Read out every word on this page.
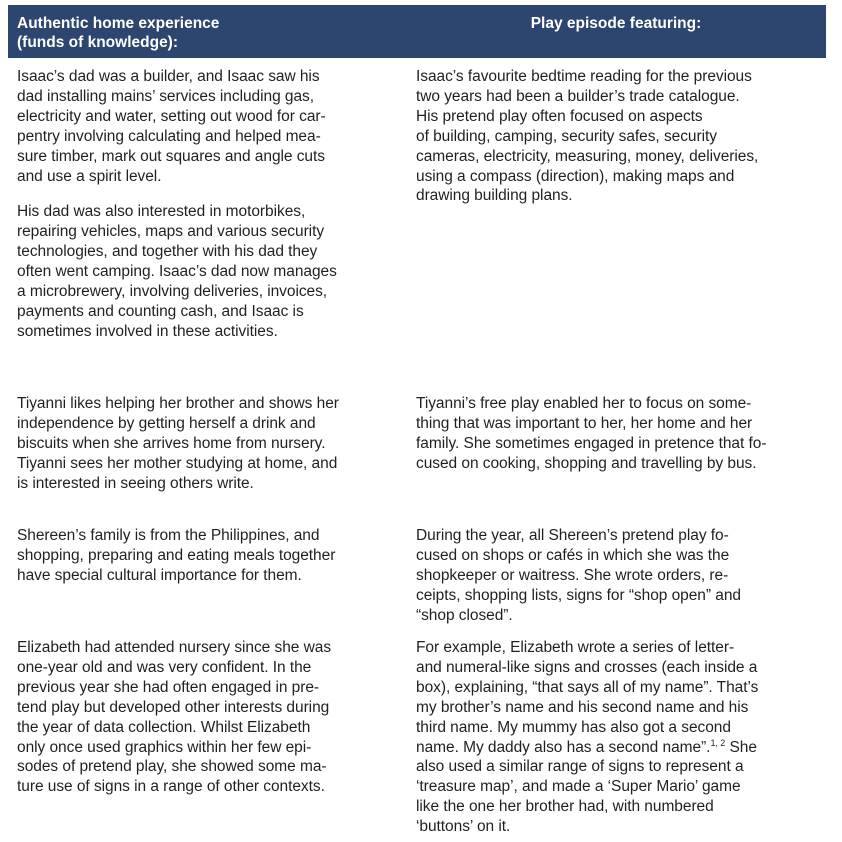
Authentic home experience
(funds of knowledge):
Play episode featuring:
Isaac’s dad was a builder, and Isaac saw his
dad installing mains’ services including gas,
electricity and water, setting out wood for car-
pentry involving calculating and helped mea-
sure timber, mark out squares and angle cuts
and use a spirit level.
His dad was also interested in motorbikes,
repairing vehicles, maps and various security
technologies, and together with his dad they
often went camping. Isaac’s dad now manages
a microbrewery, involving deliveries, invoices,
payments and counting cash, and Isaac is
sometimes involved in these activities.
Isaac’s favourite bedtime reading for the previous
two years had been a builder’s trade catalogue.
His pretend play often focused on aspects
of building, camping, security safes, security
cameras, electricity, measuring, money, deliveries,
using a compass (direction), making maps and
drawing building plans.
Tiyanni likes helping her brother and shows her
independence by getting herself a drink and
biscuits when she arrives home from nursery.
Tiyanni sees her mother studying at home, and
is interested in seeing others write.
Tiyanni’s free play enabled her to focus on some-
thing that was important to her, her home and her
family. She sometimes engaged in pretence that fo-
cused on cooking, shopping and travelling by bus.
Shereen’s family is from the Philippines, and
shopping, preparing and eating meals together
have special cultural importance for them.
During the year, all Shereen’s pretend play fo-
cused on shops or cafés in which she was the
shopkeeper or waitress. She wrote orders, re-
ceipts, shopping lists, signs for “shop open” and
“shop closed”.
Elizabeth had attended nursery since she was
one-year old and was very confident. In the
previous year she had often engaged in pre-
tend play but developed other interests during
the year of data collection. Whilst Elizabeth
only once used graphics within her few epi-
sodes of pretend play, she showed some ma-
ture use of signs in a range of other contexts.
For example, Elizabeth wrote a series of letter-
and numeral-like signs and crosses (each inside a
box), explaining, “that says all of my name”. That’s
my brother’s name and his second name and his
third name. My mummy has also got a second
name. My daddy also has a second name”.$^{1, 2}$ She
also used a similar range of signs to represent a
‘treasure map’, and made a ‘Super Mario’ game
like the one her brother had, with numbered
‘buttons’ on it.
